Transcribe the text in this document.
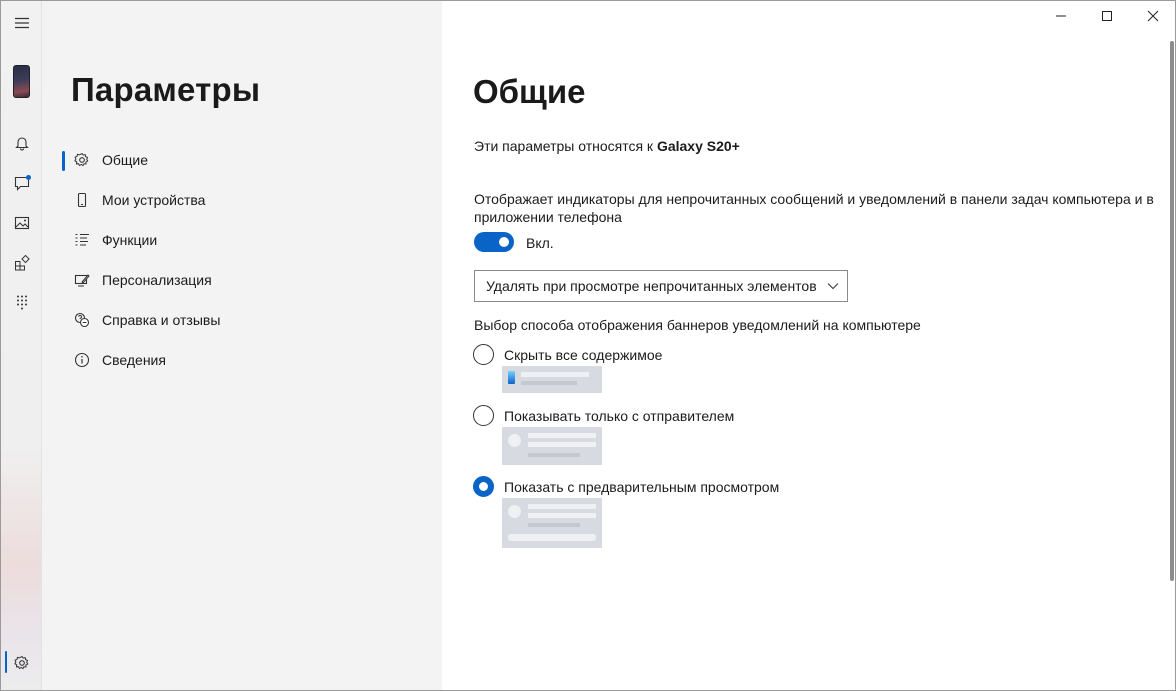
Параметры
Общие
Мои устройства
Функции
Персонализация
Справка и отзывы
Сведения
Общие
Эти параметры относятся к Galaxy S20+
Отображает индикаторы для непрочитанных сообщений и уведомлений в панели задач компьютера и в приложении телефона
Вкл.
Удалять при просмотре непрочитанных элементов
Выбор способа отображения баннеров уведомлений на компьютере
Скрыть все содержимое
Показывать только с отправителем
Показать с предварительным просмотром
